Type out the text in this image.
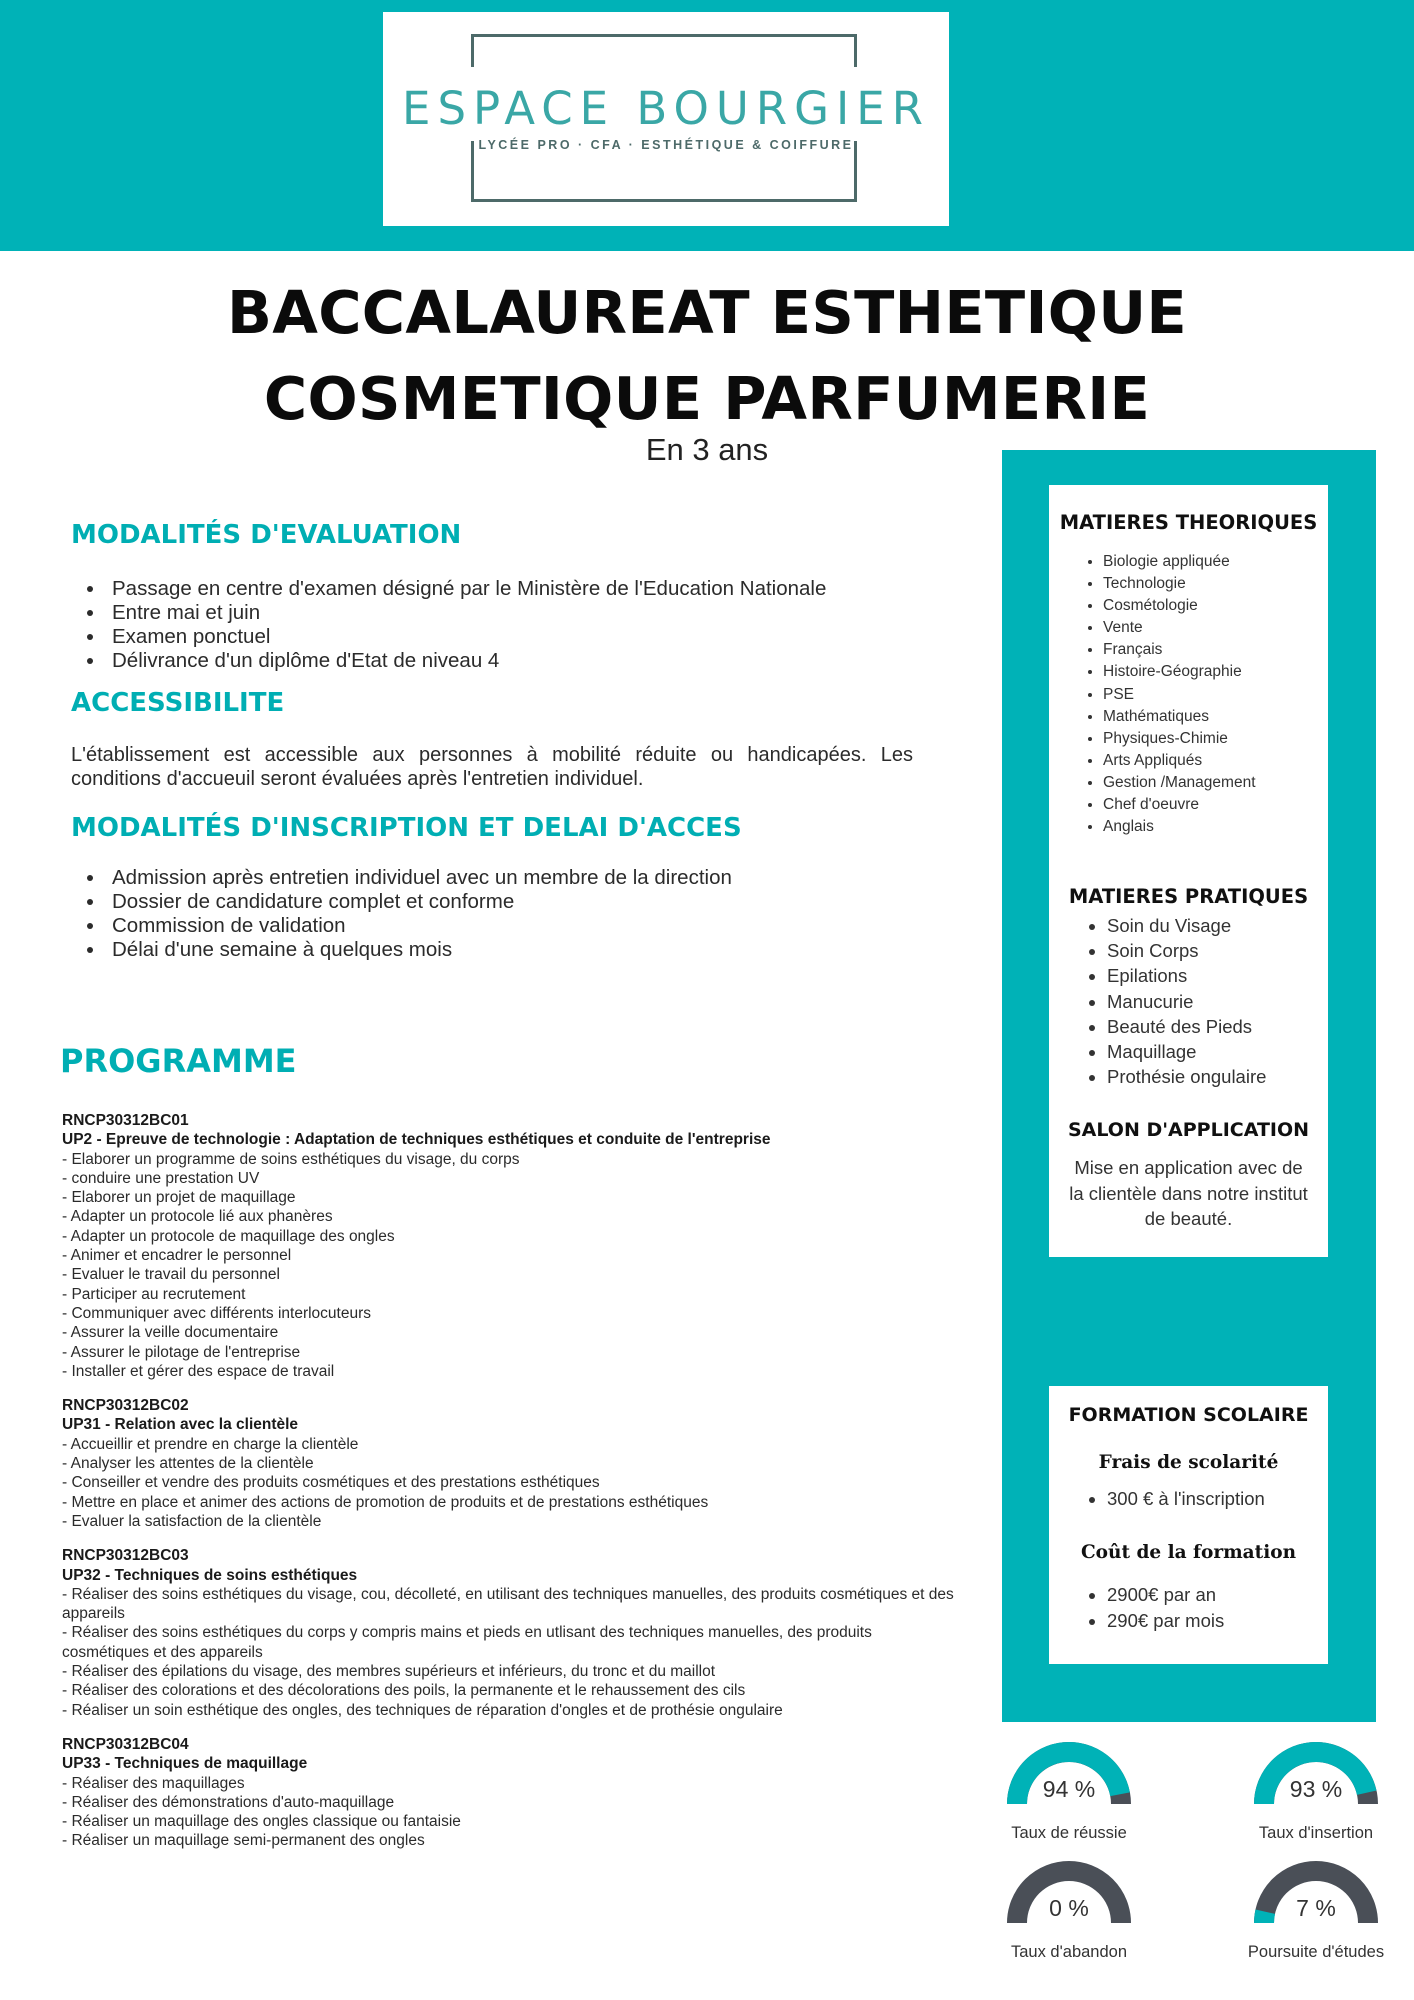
ESPACE BOURGIER
LYCÉE PRO · CFA · ESTHÉTIQUE & COIFFURE
BACCALAUREAT ESTHETIQUE COSMETIQUE PARFUMERIE
En 3 ans
MODALITÉS D'EVALUATION
• Passage en centre d'examen désigné par le Ministère de l'Education Nationale
• Entre mai et juin
• Examen ponctuel
• Délivrance d'un diplôme d'Etat de niveau 4
ACCESSIBILITE
L'établissement est accessible aux personnes à mobilité réduite ou handicapées. Les conditions d'accueuil seront évaluées après l'entretien individuel.
MODALITÉS D'INSCRIPTION ET DELAI D'ACCES
• Admission après entretien individuel avec un membre de la direction
• Dossier de candidature complet et conforme
• Commission de validation
• Délai d'une semaine à quelques mois
PROGRAMME
RNCP30312BC01
UP2 - Epreuve de technologie : Adaptation de techniques esthétiques et conduite de l'entreprise
- Elaborer un programme de soins esthétiques du visage, du corps
- conduire une prestation UV
- Elaborer un projet de maquillage
- Adapter un protocole lié aux phanères
- Adapter un protocole de maquillage des ongles
- Animer et encadrer le personnel
- Evaluer le travail du personnel
- Participer au recrutement
- Communiquer avec différents interlocuteurs
- Assurer la veille documentaire
- Assurer le pilotage de l'entreprise
- Installer et gérer des espace de travail
RNCP30312BC02
UP31 - Relation avec la clientèle
- Accueillir et prendre en charge la clientèle
- Analyser les attentes de la clientèle
- Conseiller et vendre des produits cosmétiques et des prestations esthétiques
- Mettre en place et animer des actions de promotion de produits et de prestations esthétiques
- Evaluer la satisfaction de la clientèle
RNCP30312BC03
UP32 - Techniques de soins esthétiques
- Réaliser des soins esthétiques du visage, cou, décolleté, en utilisant des techniques manuelles, des produits cosmétiques et des appareils
- Réaliser des soins esthétiques du corps y compris mains et pieds en utlisant des techniques manuelles, des produits cosmétiques et des appareils
- Réaliser des épilations du visage, des membres supérieurs et inférieurs, du tronc et du maillot
- Réaliser des colorations et des décolorations des poils, la permanente et le rehaussement des cils
- Réaliser un soin esthétique des ongles, des techniques de réparation d'ongles et de prothésie ongulaire
RNCP30312BC04
UP33 - Techniques de maquillage
- Réaliser des maquillages
- Réaliser des démonstrations d'auto-maquillage
- Réaliser un maquillage des ongles classique ou fantaisie
- Réaliser un maquillage semi-permanent des ongles
MATIERES THEORIQUES
• Biologie appliquée
• Technologie
• Cosmétologie
• Vente
• Français
• Histoire-Géographie
• PSE
• Mathématiques
• Physiques-Chimie
• Arts Appliqués
• Gestion /Management
• Chef d'oeuvre
• Anglais
MATIERES PRATIQUES
• Soin du Visage
• Soin Corps
• Epilations
• Manucurie
• Beauté des Pieds
• Maquillage
• Prothésie ongulaire
SALON D'APPLICATION
Mise en application avec de la clientèle dans notre institut de beauté.
FORMATION SCOLAIRE
Frais de scolarité
• 300 € à l'inscription
Coût de la formation
• 2900€ par an
• 290€ par mois
94 %
Taux de réussie
93 %
Taux d'insertion
0 %
Taux d'abandon
7 %
Poursuite d'études
